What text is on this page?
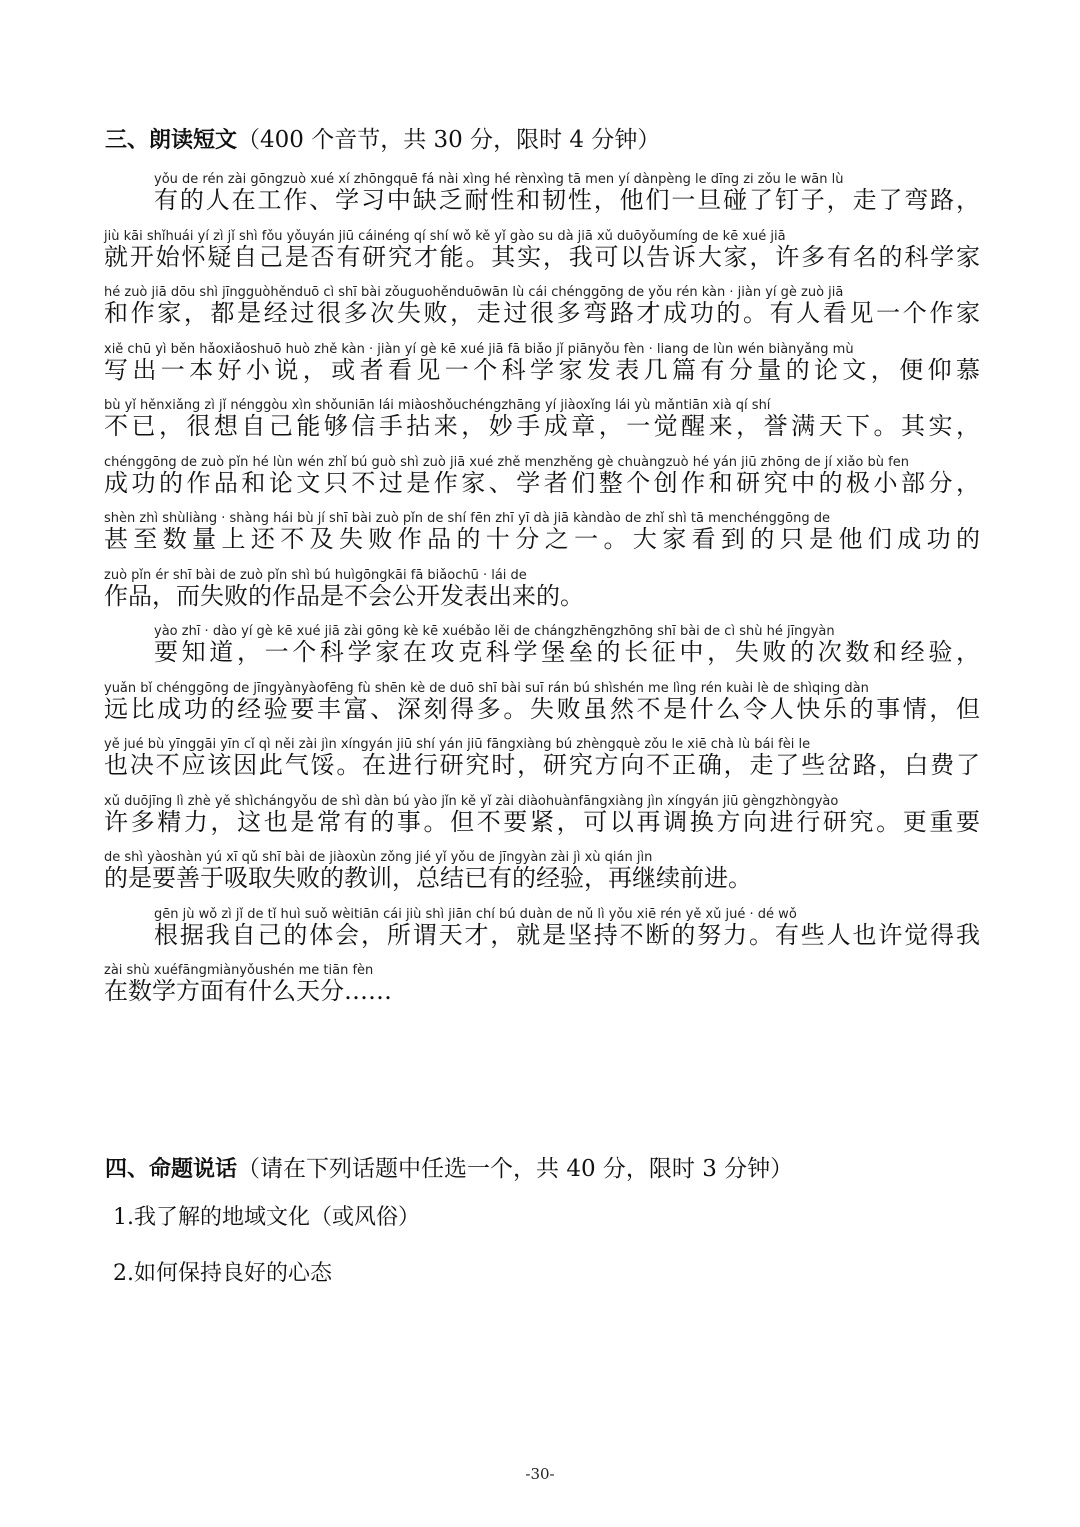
三、朗读短文（400 个音节，共 30 分，限时 4 分钟）
yǒu de rén zài gōngzuò xué xí zhōngquē fá nài xìng hé rènxìng tā men yí dànpèng le dīng zi zǒu le wān lù
有的人在工作、学习中缺乏耐性和韧性，他们一旦碰了钉子，走了弯路，
jiù kāi shǐhuái yí zì jǐ shì fǒu yǒuyán jiū cáinéng qí shí wǒ kě yǐ gào su dà jiā xǔ duōyǒumíng de kē xué jiā
就开始怀疑自己是否有研究才能。其实，我可以告诉大家，许多有名的科学家
hé zuò jiā dōu shì jīngguòhěnduō cì shī bài zǒuguohěnduōwān lù cái chénggōng de yǒu rén kàn · jiàn yí gè zuò jiā
和作家，都是经过很多次失败，走过很多弯路才成功的。有人看见一个作家
xiě chū yì běn hǎoxiǎoshuō huò zhě kàn · jiàn yí gè kē xué jiā fā biǎo jǐ piānyǒu fèn · liang de lùn wén biànyǎng mù
写出一本好小说，或者看见一个科学家发表几篇有分量的论文，便仰慕
bù yǐ hěnxiǎng zì jǐ nénggòu xìn shǒuniān lái miàoshǒuchéngzhāng yí jiàoxǐng lái yù mǎntiān xià qí shí
不已，很想自己能够信手拈来，妙手成章，一觉醒来，誉满天下。其实，
chénggōng de zuò pǐn hé lùn wén zhǐ bú guò shì zuò jiā xué zhě menzhěng gè chuàngzuò hé yán jiū zhōng de jí xiǎo bù fen
成功的作品和论文只不过是作家、学者们整个创作和研究中的极小部分，
shèn zhì shùliàng · shàng hái bù jí shī bài zuò pǐn de shí fēn zhī yī dà jiā kàndào de zhǐ shì tā menchénggōng de
甚至数量上还不及失败作品的十分之一。大家看到的只是他们成功的
zuò pǐn ér shī bài de zuò pǐn shì bú huìgōngkāi fā biǎochū · lái de
作品，而失败的作品是不会公开发表出来的。
yào zhī · dào yí gè kē xué jiā zài gōng kè kē xuébǎo lěi de chángzhēngzhōng shī bài de cì shù hé jīngyàn
要知道，一个科学家在攻克科学堡垒的长征中，失败的次数和经验，
yuǎn bǐ chénggōng de jīngyànyàofēng fù shēn kè de duō shī bài suī rán bú shìshén me lìng rén kuài lè de shìqing dàn
远比成功的经验要丰富、深刻得多。失败虽然不是什么令人快乐的事情，但
yě jué bù yīnggāi yīn cǐ qì něi zài jìn xíngyán jiū shí yán jiū fāngxiàng bú zhèngquè zǒu le xiē chà lù bái fèi le
也决不应该因此气馁。在进行研究时，研究方向不正确，走了些岔路，白费了
xǔ duōjīng lì zhè yě shìchángyǒu de shì dàn bú yào jǐn kě yǐ zài diàohuànfāngxiàng jìn xíngyán jiū gèngzhòngyào
许多精力，这也是常有的事。但不要紧，可以再调换方向进行研究。更重要
de shì yàoshàn yú xī qǔ shī bài de jiàoxùn zǒng jié yǐ yǒu de jīngyàn zài jì xù qián jìn
的是要善于吸取失败的教训，总结已有的经验，再继续前进。
gēn jù wǒ zì jǐ de tǐ huì suǒ wèitiān cái jiù shì jiān chí bú duàn de nǔ lì yǒu xiē rén yě xǔ jué · dé wǒ
根据我自己的体会，所谓天才，就是坚持不断的努力。有些人也许觉得我
zài shù xuéfāngmiànyǒushén me tiān fèn
在数学方面有什么天分……
四、命题说话（请在下列话题中任选一个，共 40 分，限时 3 分钟）
1.我了解的地域文化（或风俗）
2.如何保持良好的心态
-30-
